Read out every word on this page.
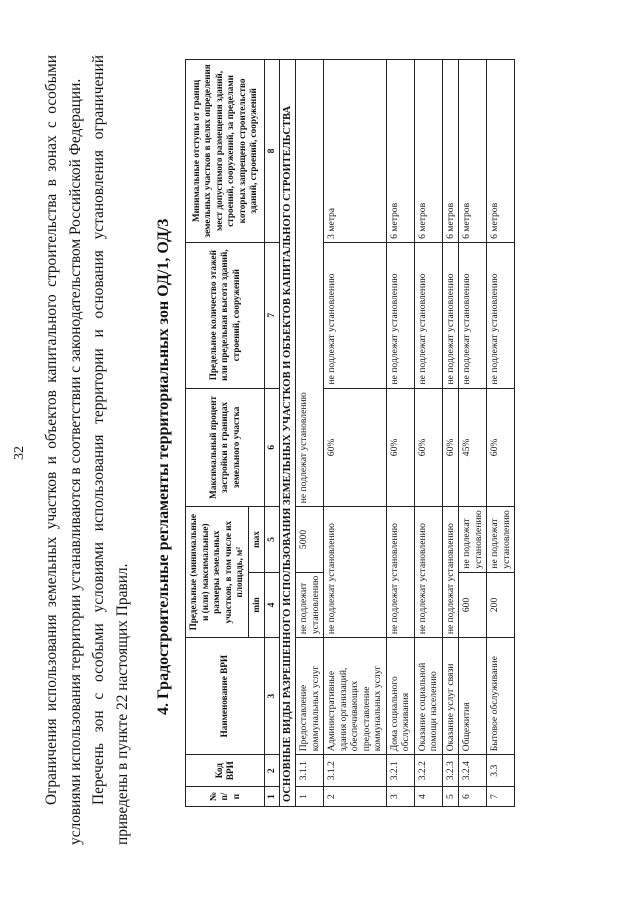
32 Ограничения использования земельных участков и объектов капитального строительства в зонах с особыми условиями использования территории устанавливаются в соответствии с законодательством Российской Федерации. Перечень зон с особыми условиями использования территории и основания установления ограничений приведены в пункте 22 настоящих Правил. 4. Градостроительные регламенты территориальных зон ОД/1, ОД/3
№ п/п	Код ВРИ	Наименование ВРИ	Предельные (минимальные и (или) максимальные) размеры земельных участков, в том числе их площадь, м²		Максимальный процент застройки в границах земельного участка	Предельное количество этажей или предельная высота зданий, строений, сооружений	Минимальные отступы от границ земельных участков в целях определения мест допустимого размещения зданий, строений, сооружений, за пределами которых запрещено строительство зданий, строений, сооружений
			min	max			
1	2	3	4	5	6	7	8
ОСНОВНЫЕ ВИДЫ РАЗРЕШЕННОГО ИСПОЛЬЗОВАНИЯ ЗЕМЕЛЬНЫХ УЧАСТКОВ И ОБЪЕКТОВ КАПИТАЛЬНОГО СТРОИТЕЛЬСТВА							
1	3.1.1	Предоставление коммунальных услуг	не подлежит установлению	5000	не подлежат установлению		
2	3.1.2	Административные здания организаций, обеспечивающих предоставление коммунальных услуг	не подлежат установлению		60%	не подлежат установлению	3 метра
3	3.2.1	Дома социального обслуживания	не подлежат установлению		60%	не подлежат установлению	6 метров
4	3.2.2	Оказание социальной помощи населению	не подлежат установлению		60%	не подлежат установлению	6 метров
5	3.2.3	Оказание услуг связи	не подлежат установлению		60%	не подлежат установлению	6 метров
6	3.2.4	Общежития	600	не подлежат установлению	45%	не подлежат установлению	6 метров
7	3.3	Бытовое обслуживание	200	не подлежат установлению	60%	не подлежат установлению	6 метров
